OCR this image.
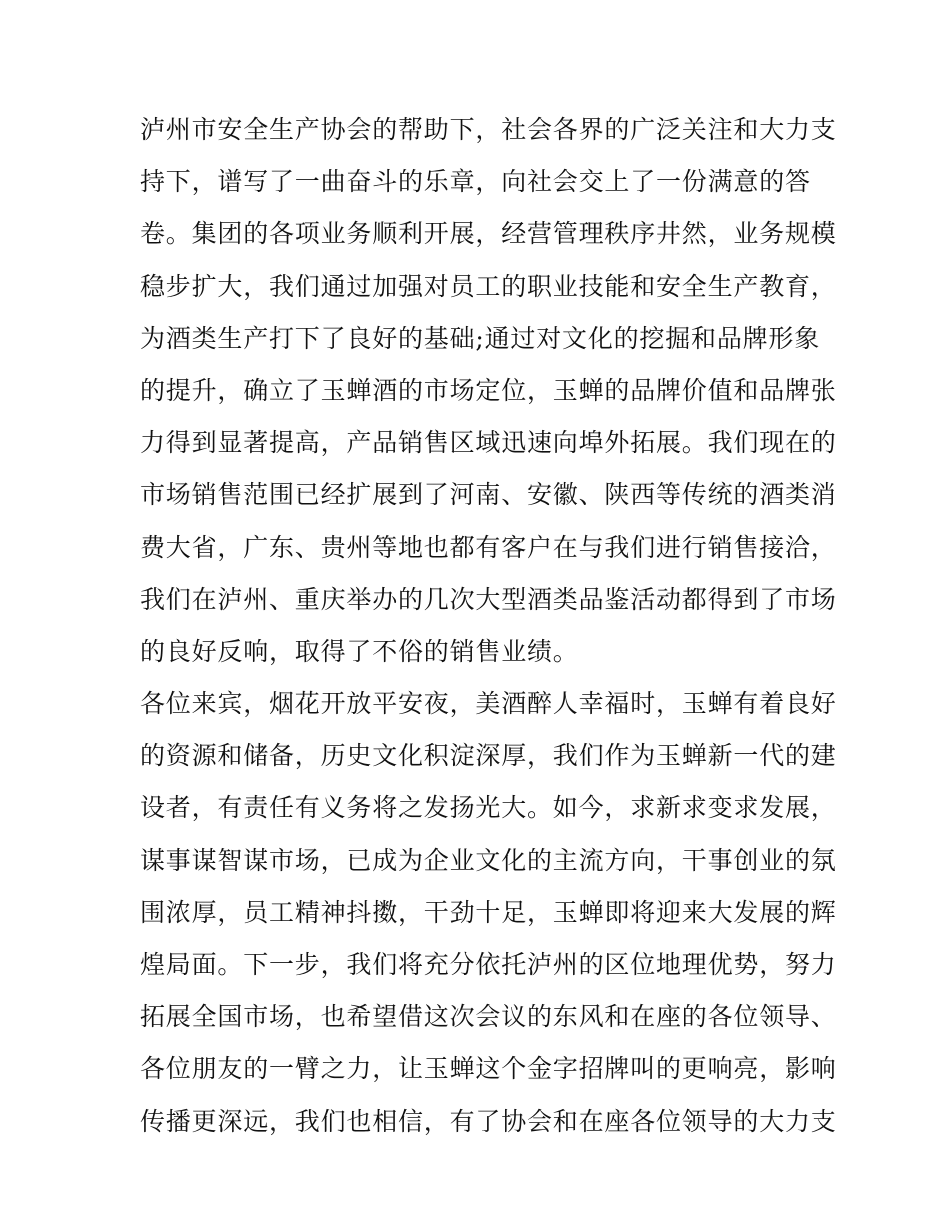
泸州市安全生产协会的帮助下，社会各界的广泛关注和大力支
持下，谱写了一曲奋斗的乐章，向社会交上了一份满意的答
卷。集团的各项业务顺利开展，经营管理秩序井然，业务规模
稳步扩大，我们通过加强对员工的职业技能和安全生产教育，
为酒类生产打下了良好的基础;通过对文化的挖掘和品牌形象
的提升，确立了玉蝉酒的市场定位，玉蝉的品牌价值和品牌张
力得到显著提高，产品销售区域迅速向埠外拓展。我们现在的
市场销售范围已经扩展到了河南、安徽、陕西等传统的酒类消
费大省，广东、贵州等地也都有客户在与我们进行销售接洽，
我们在泸州、重庆举办的几次大型酒类品鉴活动都得到了市场
的良好反响，取得了不俗的销售业绩。
各位来宾，烟花开放平安夜，美酒醉人幸福时，玉蝉有着良好
的资源和储备，历史文化积淀深厚，我们作为玉蝉新一代的建
设者，有责任有义务将之发扬光大。如今，求新求变求发展，
谋事谋智谋市场，已成为企业文化的主流方向，干事创业的氛
围浓厚，员工精神抖擞，干劲十足，玉蝉即将迎来大发展的辉
煌局面。下一步，我们将充分依托泸州的区位地理优势，努力
拓展全国市场，也希望借这次会议的东风和在座的各位领导、
各位朋友的一臂之力，让玉蝉这个金字招牌叫的更响亮，影响
传播更深远，我们也相信，有了协会和在座各位领导的大力支
